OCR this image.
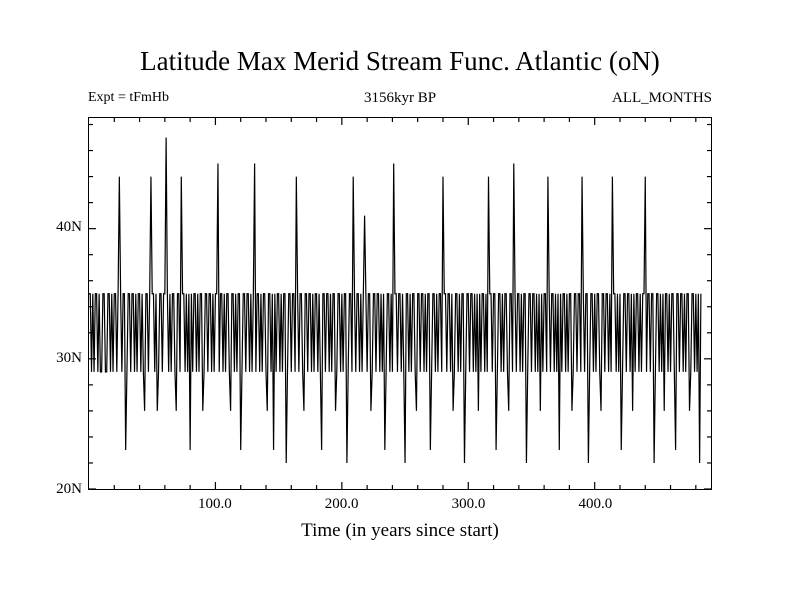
Latitude Max Merid Stream Func. Atlantic (oN)
Expt = tFmHb	3156kyr BP	ALL_MONTHS
20N
30N
40N
100.0	200.0	300.0	400.0
Time (in years since start)
